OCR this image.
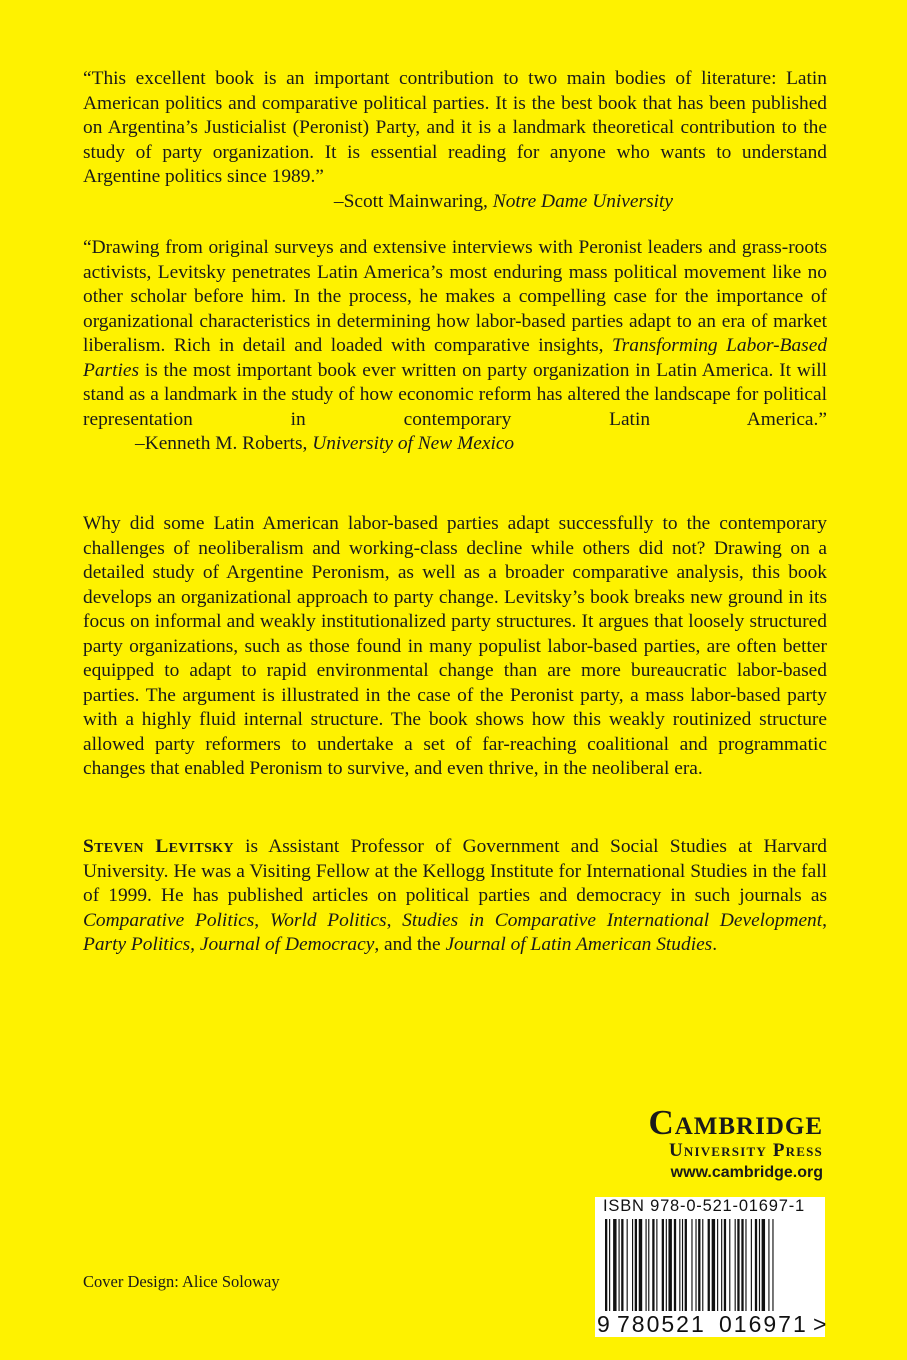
“This excellent book is an important contribution to two main bodies of literature: Latin American politics and comparative political parties. It is the best book that has been published on Argentina’s Justicialist (Peronist) Party, and it is a landmark theoretical contribution to the study of party organization. It is essential reading for anyone who wants to understand Argentine politics since 1989.”

–Scott Mainwaring, Notre Dame University

“Drawing from original surveys and extensive interviews with Peronist leaders and grass-roots activists, Levitsky penetrates Latin America’s most enduring mass political movement like no other scholar before him. In the process, he makes a compelling case for the importance of organizational characteristics in determining how labor-based parties adapt to an era of market liberalism. Rich in detail and loaded with comparative insights, Transforming Labor-Based Parties is the most important book ever written on party organization in Latin America. It will stand as a landmark in the study of how economic reform has altered the landscape for political representation in contemporary Latin America.” –Kenneth M. Roberts, University of New Mexico

Why did some Latin American labor-based parties adapt successfully to the contemporary challenges of neoliberalism and working-class decline while others did not? Drawing on a detailed study of Argentine Peronism, as well as a broader comparative analysis, this book develops an organizational approach to party change. Levitsky’s book breaks new ground in its focus on informal and weakly institutionalized party structures. It argues that loosely structured party organizations, such as those found in many populist labor-based parties, are often better equipped to adapt to rapid environmental change than are more bureaucratic labor-based parties. The argument is illustrated in the case of the Peronist party, a mass labor-based party with a highly fluid internal structure. The book shows how this weakly routinized structure allowed party reformers to undertake a set of far-reaching coalitional and programmatic changes that enabled Peronism to survive, and even thrive, in the neoliberal era.

Steven Levitsky is Assistant Professor of Government and Social Studies at Harvard University. He was a Visiting Fellow at the Kellogg Institute for International Studies in the fall of 1999. He has published articles on political parties and democracy in such journals as Comparative Politics, World Politics, Studies in Comparative International Development, Party Politics, Journal of Democracy, and the Journal of Latin American Studies.

Cambridge
University Press
www.cambridge.org
ISBN 978-0-521-01697-1
9 780521 016971 >
Cover Design: Alice Soloway
